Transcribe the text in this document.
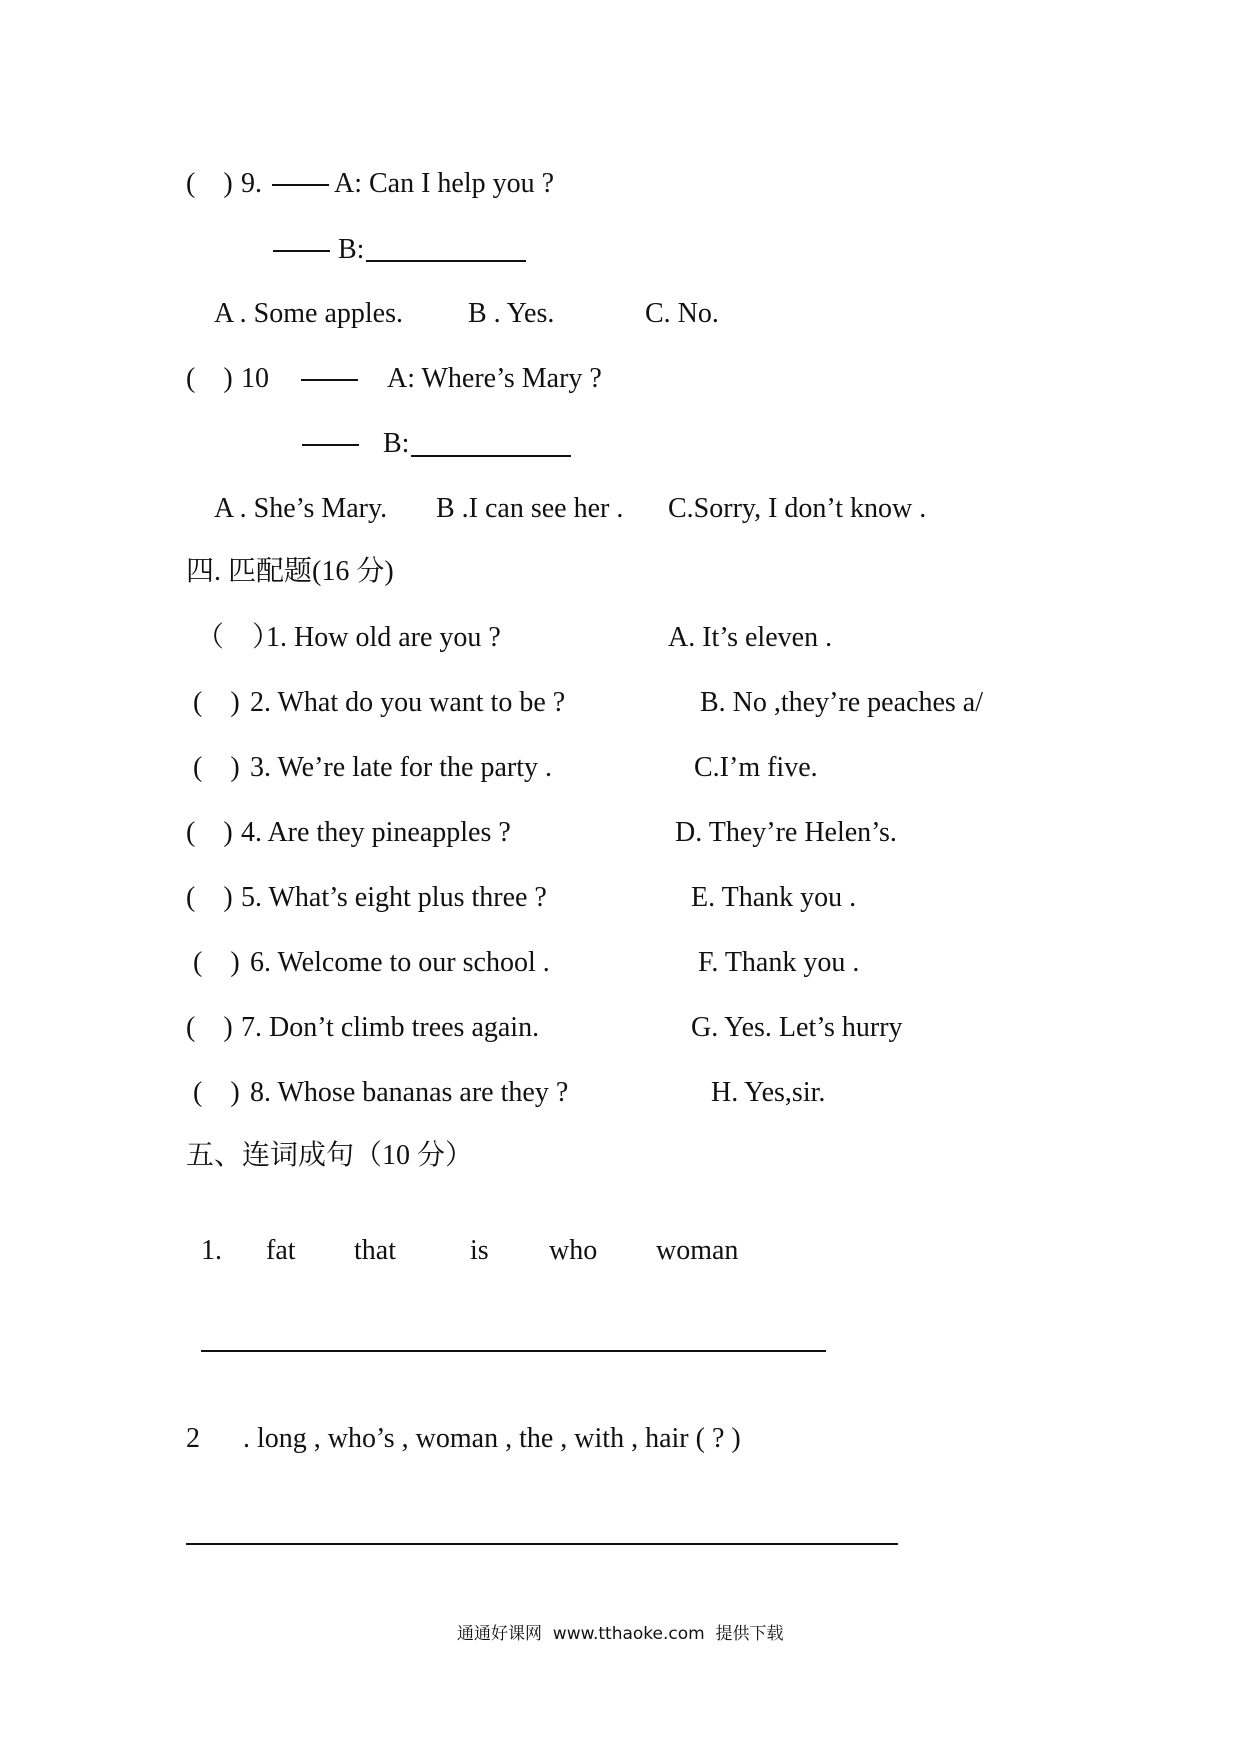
(    ) 9.	A: Can I help you ?
B:
A . Some apples. B . Yes.	C. No.
(    ) 10	A: Where’s Mary ?
B:
A . She’s Mary. B .I can see her . C.Sorry, I don’t know .
四. 匹配题(16 分)
（    ）
1. How old are you ?	A. It’s eleven .
(    ) 2. What do you want to be ?	B. No ,they’re peaches a/
(    ) 3. We’re late for the party .	C.I’m five.
(    ) 4. Are they pineapples ?	D. They’re Helen’s.
(    ) 5. What’s eight plus three ?	E. Thank you .
(    ) 6. Welcome to our school .	F. Thank you .
(    ) 7. Don’t climb trees again.	G. Yes. Let’s hurry
(    ) 8. Whose bananas are they ?	H. Yes,sir.
五、连词成句（10 分）
1. fat that	is who woman
2 . long , who’s , woman , the , with , hair ( ? )
通通好课网  www.tthaoke.com  提供下载
